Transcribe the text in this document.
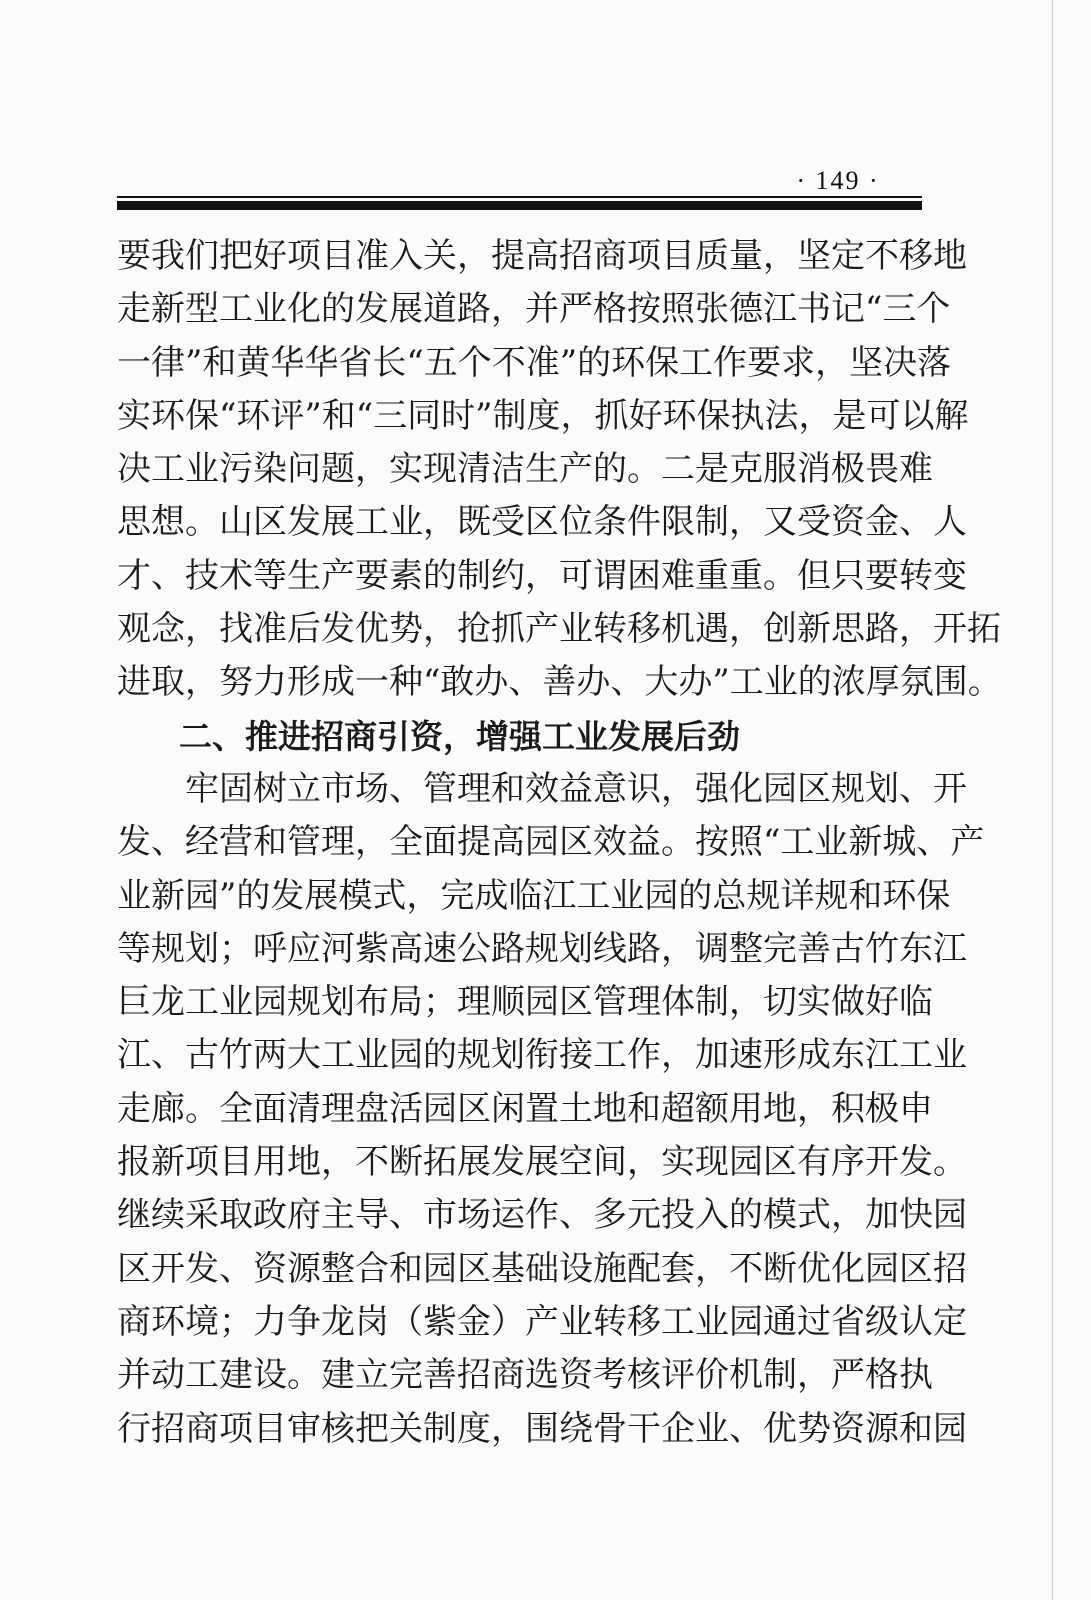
· 149 ·
要我们把好项目准入关，提高招商项目质量，坚定不移地
走新型工业化的发展道路，并严格按照张德江书记“三个
一律”和黄华华省长“五个不准”的环保工作要求，坚决落
实环保“环评”和“三同时”制度，抓好环保执法，是可以解
决工业污染问题，实现清洁生产的。二是克服消极畏难
思想。山区发展工业，既受区位条件限制，又受资金、人
才、技术等生产要素的制约，可谓困难重重。但只要转变
观念，找准后发优势，抢抓产业转移机遇，创新思路，开拓
进取，努力形成一种“敢办、善办、大办”工业的浓厚氛围。
二、推进招商引资，增强工业发展后劲
牢固树立市场、管理和效益意识，强化园区规划、开
发、经营和管理，全面提高园区效益。按照“工业新城、产
业新园”的发展模式，完成临江工业园的总规详规和环保
等规划；呼应河紫高速公路规划线路，调整完善古竹东江
巨龙工业园规划布局；理顺园区管理体制，切实做好临
江、古竹两大工业园的规划衔接工作，加速形成东江工业
走廊。全面清理盘活园区闲置土地和超额用地，积极申
报新项目用地，不断拓展发展空间，实现园区有序开发。
继续采取政府主导、市场运作、多元投入的模式，加快园
区开发、资源整合和园区基础设施配套，不断优化园区招
商环境；力争龙岗（紫金）产业转移工业园通过省级认定
并动工建设。建立完善招商选资考核评价机制，严格执
行招商项目审核把关制度，围绕骨干企业、优势资源和园
